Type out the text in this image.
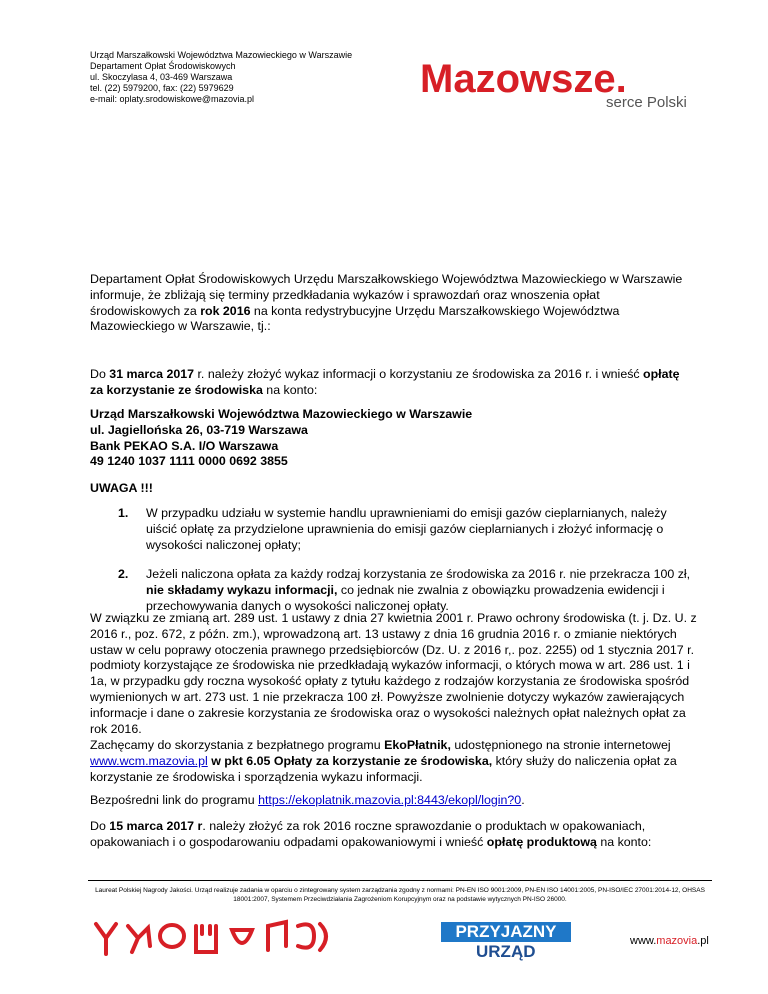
Urząd Marszałkowski Województwa Mazowieckiego w Warszawie
Departament Opłat Środowiskowych
ul. Skoczylasa 4, 03-469 Warszawa
tel. (22) 5979200, fax: (22) 5979629
e-mail: oplaty.srodowiskowe@mazovia.pl	Mazowsze.
serce Polski

Departament Opłat Środowiskowych Urzędu Marszałkowskiego Województwa Mazowieckiego w Warszawie informuje, że zbliżają się terminy przedkładania wykazów i sprawozdań oraz wnoszenia opłat środowiskowych za rok 2016 na konta redystrybucyjne Urzędu Marszałkowskiego Województwa Mazowieckiego w Warszawie, tj.:

Do 31 marca 2017 r. należy złożyć wykaz informacji o korzystaniu ze środowiska za 2016 r. i wnieść opłatę za korzystanie ze środowiska na konto:

Urząd Marszałkowski Województwa Mazowieckiego w Warszawie
ul. Jagiellońska 26, 03-719 Warszawa
Bank PEKAO S.A. I/O Warszawa
49 1240 1037 1111 0000 0692 3855
UWAGA !!!
1. W przypadku udziału w systemie handlu uprawnieniami do emisji gazów cieplarnianych, należy uiścić opłatę za przydzielone uprawnienia do emisji gazów cieplarnianych i złożyć informację o wysokości naliczonej opłaty;
2. Jeżeli naliczona opłata za każdy rodzaj korzystania ze środowiska za 2016 r. nie przekracza 100 zł, nie składamy wykazu informacji, co jednak nie zwalnia z obowiązku prowadzenia ewidencji i przechowywania danych o wysokości naliczonej opłaty.
W związku ze zmianą art. 289 ust. 1 ustawy z dnia 27 kwietnia 2001 r. Prawo ochrony środowiska (t. j. Dz. U. z 2016 r., poz. 672, z późn. zm.), wprowadzoną art. 13 ustawy z dnia 16 grudnia 2016 r. o zmianie niektórych ustaw w celu poprawy otoczenia prawnego przedsiębiorców (Dz. U. z 2016 r,. poz. 2255) od 1 stycznia 2017 r. podmioty korzystające ze środowiska nie przedkładają wykazów informacji, o których mowa w art. 286 ust. 1 i 1a, w przypadku gdy roczna wysokość opłaty z tytułu każdego z rodzajów korzystania ze środowiska spośród wymienionych w art. 273 ust. 1 nie przekracza 100 zł. Powyższe zwolnienie dotyczy wykazów zawierających informacje i dane o zakresie korzystania ze środowiska oraz o wysokości należnych opłat należnych opłat za rok 2016.

Zachęcamy do skorzystania z bezpłatnego programu EkoPłatnik, udostępnionego na stronie internetowej www.wcm.mazovia.pl w pkt 6.05 Opłaty za korzystanie ze środowiska, który służy do naliczenia opłat za korzystanie ze środowiska i sporządzenia wykazu informacji.

Bezpośredni link do programu https://ekoplatnik.mazovia.pl:8443/ekopl/login?0.

Do 15 marca 2017 r. należy złożyć za rok 2016 roczne sprawozdanie o produktach w opakowaniach, opakowaniach i o gospodarowaniu odpadami opakowaniowymi i wnieść opłatę produktową na konto:

Laureat Polskiej Nagrody Jakości. Urząd realizuje zadania w oparciu o zintegrowany system zarządzania zgodny z normami: PN-EN ISO 9001:2009, PN-EN ISO 14001:2005, PN-ISO/IEC 27001:2014-12, OHSAS 18001:2007, Systemem Przeciwdziałania Zagrożeniom Korupcyjnym oraz na podstawie wytycznych PN-ISO 26000.
PRZYJAZNY
URZĄD
www.mazovia.pl
